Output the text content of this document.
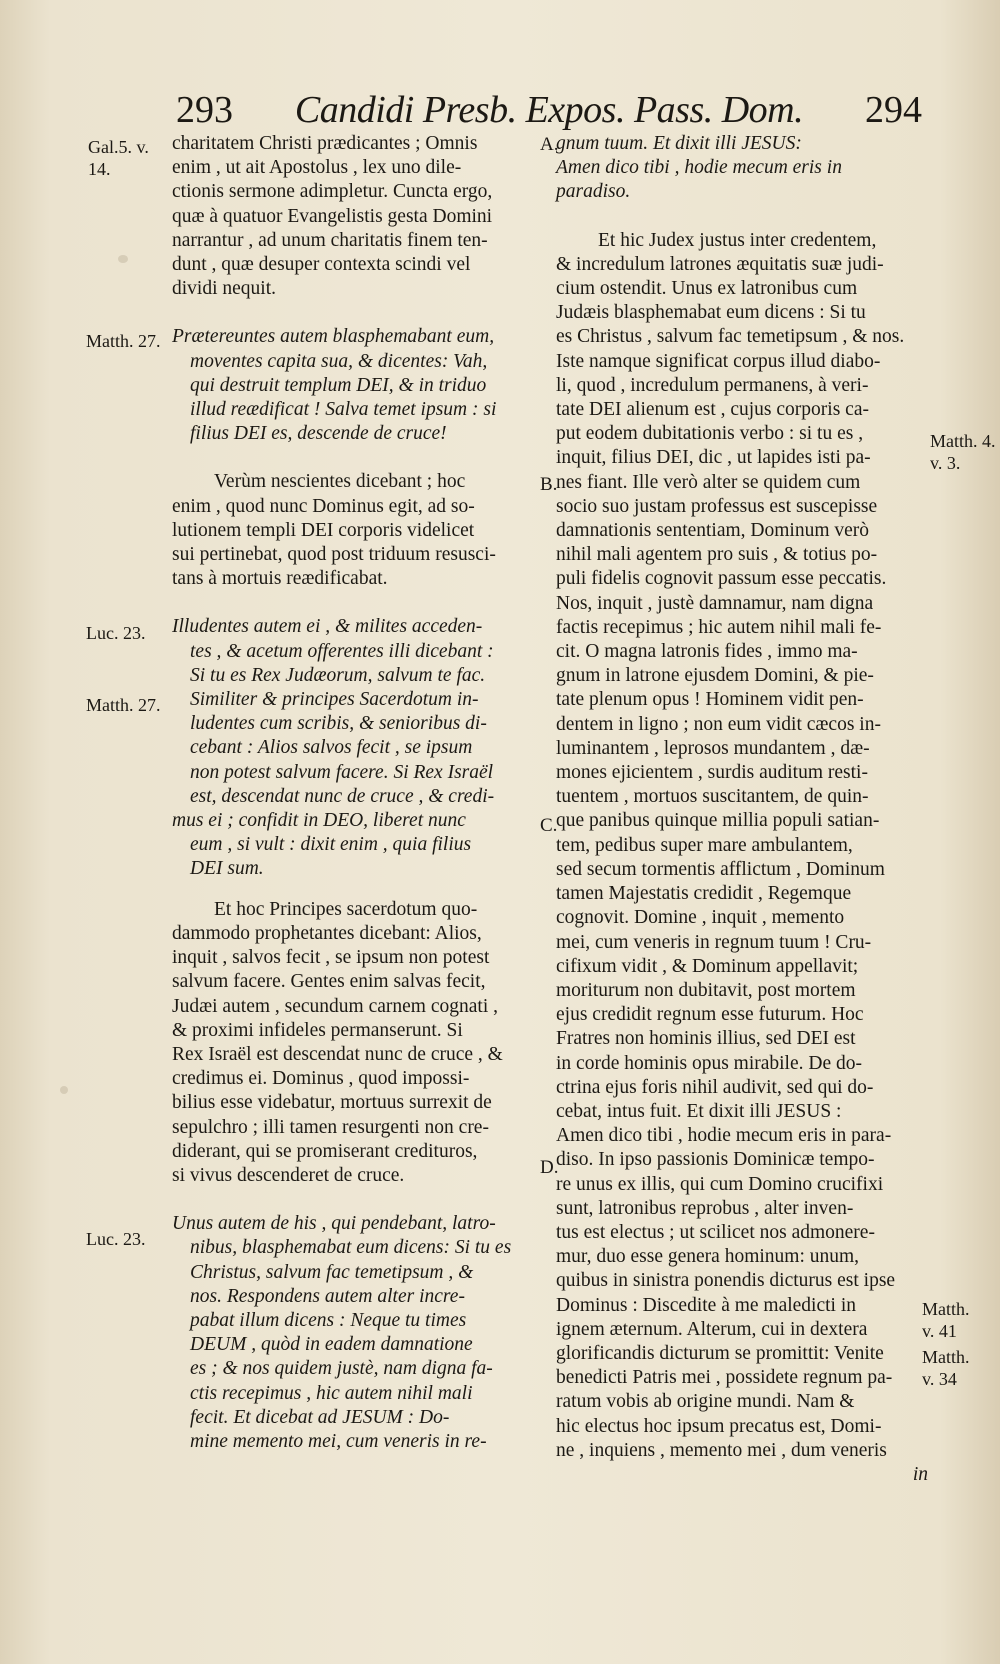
293	Candidi Presb. Expos. Pass. Dom.	294
Gal.5. v.
14.
Matth. 27.
Luc. 23.
Matth. 27.
Luc. 23.
Matth. 4.
v. 3.
Matth.
v. 41
Matth.
v. 34
A.
B.
C.
D.
charitatem Christi prædicantes ; Omnis
enim , ut ait Apostolus , lex uno dile-
ctionis sermone adimpletur. Cuncta ergo,
quæ à quatuor Evangelistis gesta Domini
narrantur , ad unum charitatis finem ten-
dunt , quæ desuper contexta scindi vel
dividi nequit.
Prætereuntes autem blasphemabant eum,
moventes capita sua, & dicentes: Vah,
qui destruit templum DEI, & in triduo
illud reædificat ! Salva temet ipsum : si
filius DEI es, descende de cruce!
Verùm nescientes dicebant ; hoc
enim , quod nunc Dominus egit, ad so-
lutionem templi DEI corporis videlicet
sui pertinebat, quod post triduum resusci-
tans à mortuis reædificabat.
Illudentes autem ei , & milites acceden-
tes , & acetum offerentes illi dicebant :
Si tu es Rex Judæorum, salvum te fac.
Similiter & principes Sacerdotum in-
ludentes cum scribis, & senioribus di-
cebant : Alios salvos fecit , se ipsum
non potest salvum facere. Si Rex Israël
est, descendat nunc de cruce , & credi-
mus ei ; confidit in DEO, liberet nunc
eum , si vult : dixit enim , quia filius
DEI sum.
Et hoc Principes sacerdotum quo-
dammodo prophetantes dicebant: Alios,
inquit , salvos fecit , se ipsum non potest
salvum facere. Gentes enim salvas fecit,
Judæi autem , secundum carnem cognati ,
& proximi infideles permanserunt. Si
Rex Israël est descendat nunc de cruce , &
credimus ei. Dominus , quod impossi-
bilius esse videbatur, mortuus surrexit de
sepulchro ; illi tamen resurgenti non cre-
diderant, qui se promiserant credituros,
si vivus descenderet de cruce.
Unus autem de his , qui pendebant, latro-
nibus, blasphemabat eum dicens: Si tu es
Christus, salvum fac temetipsum , &
nos. Respondens autem alter incre-
pabat illum dicens : Neque tu times
DEUM , quòd in eadem damnatione
es ; & nos quidem justè, nam digna fa-
ctis recepimus , hic autem nihil mali
fecit. Et dicebat ad JESUM : Do-
mine memento mei, cum veneris in re-
gnum tuum. Et dixit illi JESUS:
Amen dico tibi , hodie mecum eris in
paradiso.
Et hic Judex justus inter credentem,
& incredulum latrones æquitatis suæ judi-
cium ostendit. Unus ex latronibus cum
Judæis blasphemabat eum dicens : Si tu
es Christus , salvum fac temetipsum , & nos.
Iste namque significat corpus illud diabo-
li, quod , incredulum permanens, à veri-
tate DEI alienum est , cujus corporis ca-
put eodem dubitationis verbo : si tu es ,
inquit, filius DEI, dic , ut lapides isti pa-
nes fiant. Ille verò alter se quidem cum
socio suo justam professus est suscepisse
damnationis sententiam, Dominum verò
nihil mali agentem pro suis , & totius po-
puli fidelis cognovit passum esse peccatis.
Nos, inquit , justè damnamur, nam digna
factis recepimus ; hic autem nihil mali fe-
cit. O magna latronis fides , immo ma-
gnum in latrone ejusdem Domini, & pie-
tate plenum opus ! Hominem vidit pen-
dentem in ligno ; non eum vidit cæcos in-
luminantem , leprosos mundantem , dæ-
mones ejicientem , surdis auditum resti-
tuentem , mortuos suscitantem, de quin-
que panibus quinque millia populi satian-
tem, pedibus super mare ambulantem,
sed secum tormentis afflictum , Dominum
tamen Majestatis credidit , Regemque
cognovit. Domine , inquit , memento
mei, cum veneris in regnum tuum ! Cru-
cifixum vidit , & Dominum appellavit;
moriturum non dubitavit, post mortem
ejus credidit regnum esse futurum. Hoc
Fratres non hominis illius, sed DEI est
in corde hominis opus mirabile. De do-
ctrina ejus foris nihil audivit, sed qui do-
cebat, intus fuit. Et dixit illi JESUS :
Amen dico tibi , hodie mecum eris in para-
diso. In ipso passionis Dominicæ tempo-
re unus ex illis, qui cum Domino crucifixi
sunt, latronibus reprobus , alter inven-
tus est electus ; ut scilicet nos admonere-
mur, duo esse genera hominum: unum,
quibus in sinistra ponendis dicturus est ipse
Dominus : Discedite à me maledicti in
ignem æternum. Alterum, cui in dextera
glorificandis dicturum se promittit: Venite
benedicti Patris mei , possidete regnum pa-
ratum vobis ab origine mundi. Nam &
hic electus hoc ipsum precatus est, Domi-
ne , inquiens , memento mei , dum veneris
in
